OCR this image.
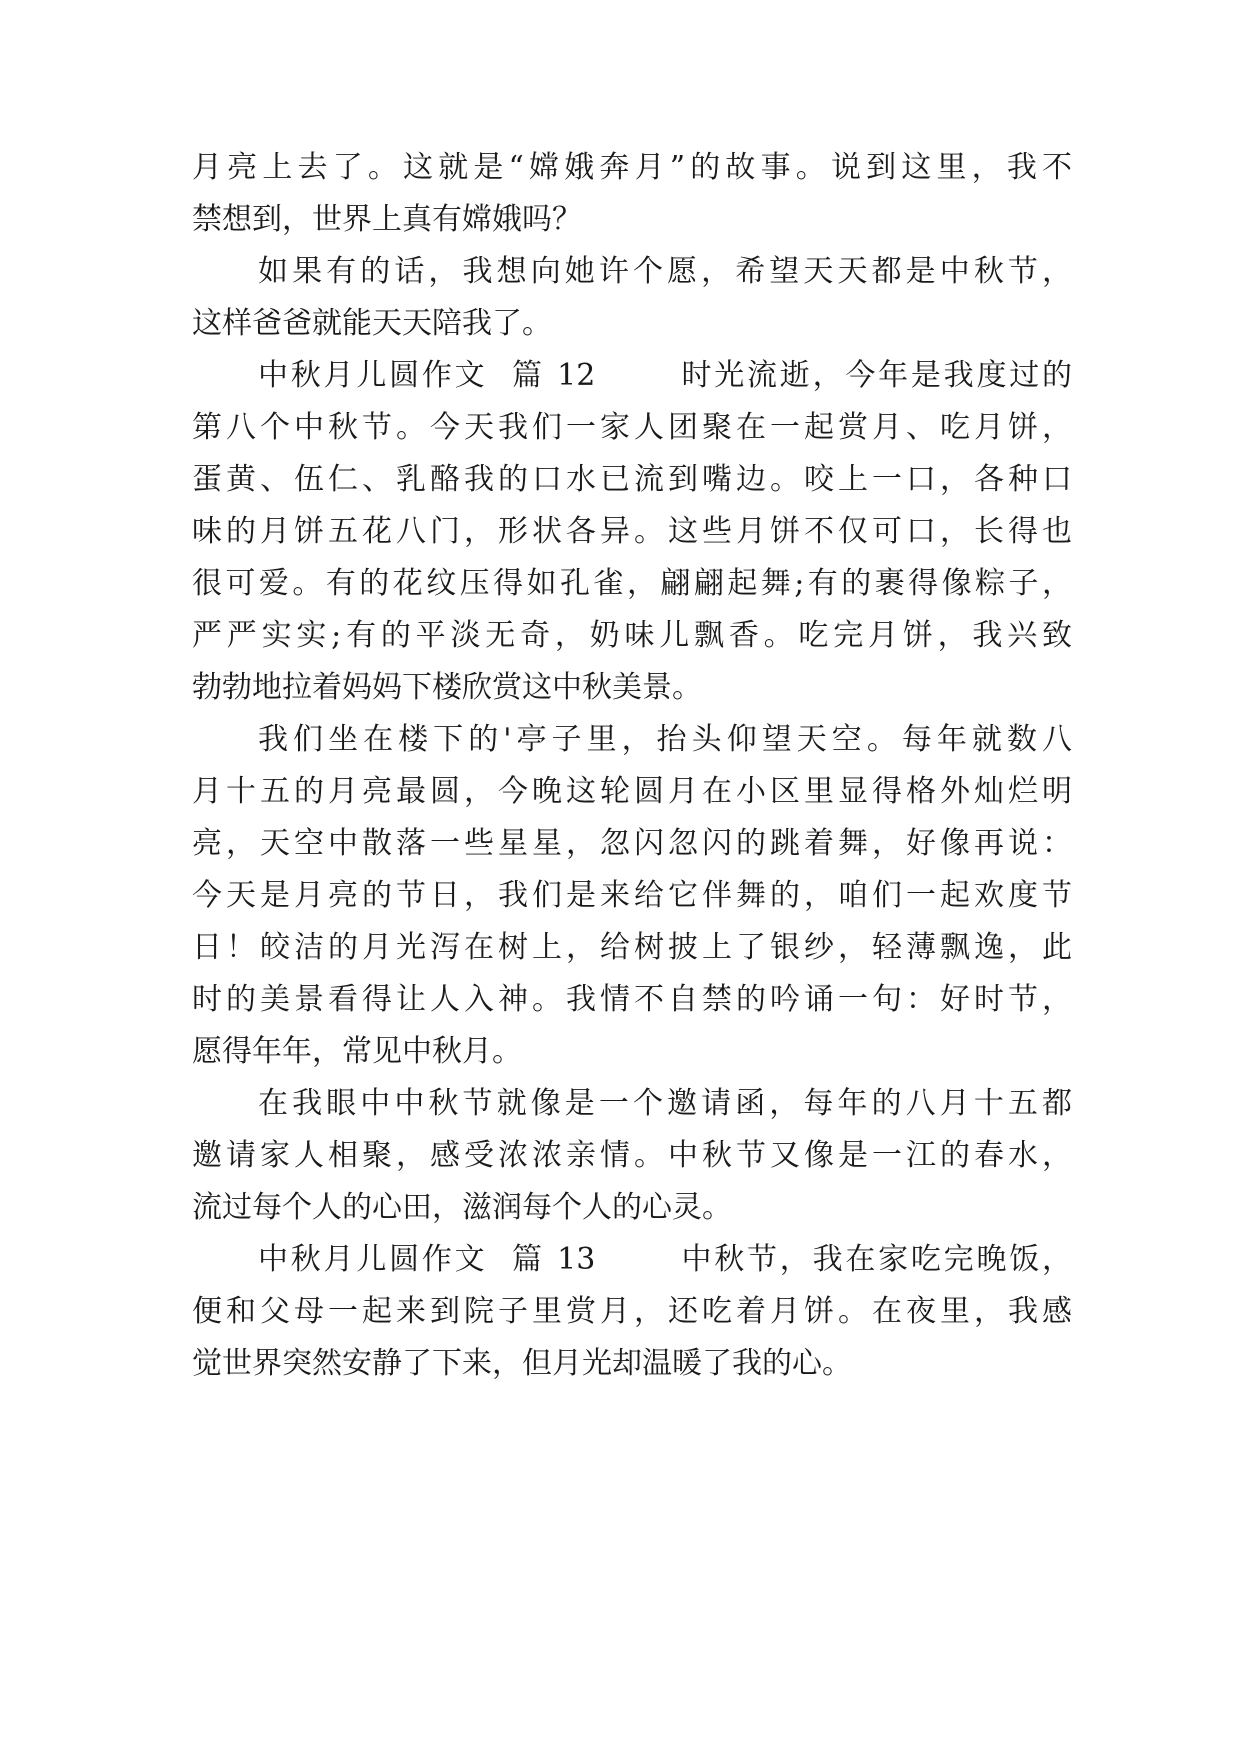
月亮上去了。这就是“嫦娥奔月”的故事。说到这里，我不

禁想到，世界上真有嫦娥吗？

如果有的话，我想向她许个愿，希望天天都是中秋节，

这样爸爸就能天天陪我了。

中秋月儿圆作文  篇 12       时光流逝，今年是我度过的

第八个中秋节。今天我们一家人团聚在一起赏月、吃月饼，

蛋黄、伍仁、乳酪我的口水已流到嘴边。咬上一口，各种口

味的月饼五花八门，形状各异。这些月饼不仅可口，长得也

很可爱。有的花纹压得如孔雀，翩翩起舞;有的裹得像粽子，

严严实实;有的平淡无奇，奶味儿飘香。吃完月饼，我兴致

勃勃地拉着妈妈下楼欣赏这中秋美景。

我们坐在楼下的'亭子里，抬头仰望天空。每年就数八

月十五的月亮最圆，今晚这轮圆月在小区里显得格外灿烂明

亮，天空中散落一些星星，忽闪忽闪的跳着舞，好像再说：

今天是月亮的节日，我们是来给它伴舞的，咱们一起欢度节

日！皎洁的月光泻在树上，给树披上了银纱，轻薄飘逸，此

时的美景看得让人入神。我情不自禁的吟诵一句：好时节，

愿得年年，常见中秋月。

在我眼中中秋节就像是一个邀请函，每年的八月十五都

邀请家人相聚，感受浓浓亲情。中秋节又像是一江的春水，

流过每个人的心田，滋润每个人的心灵。

中秋月儿圆作文  篇 13       中秋节，我在家吃完晚饭，

便和父母一起来到院子里赏月，还吃着月饼。在夜里，我感

觉世界突然安静了下来，但月光却温暖了我的心。
